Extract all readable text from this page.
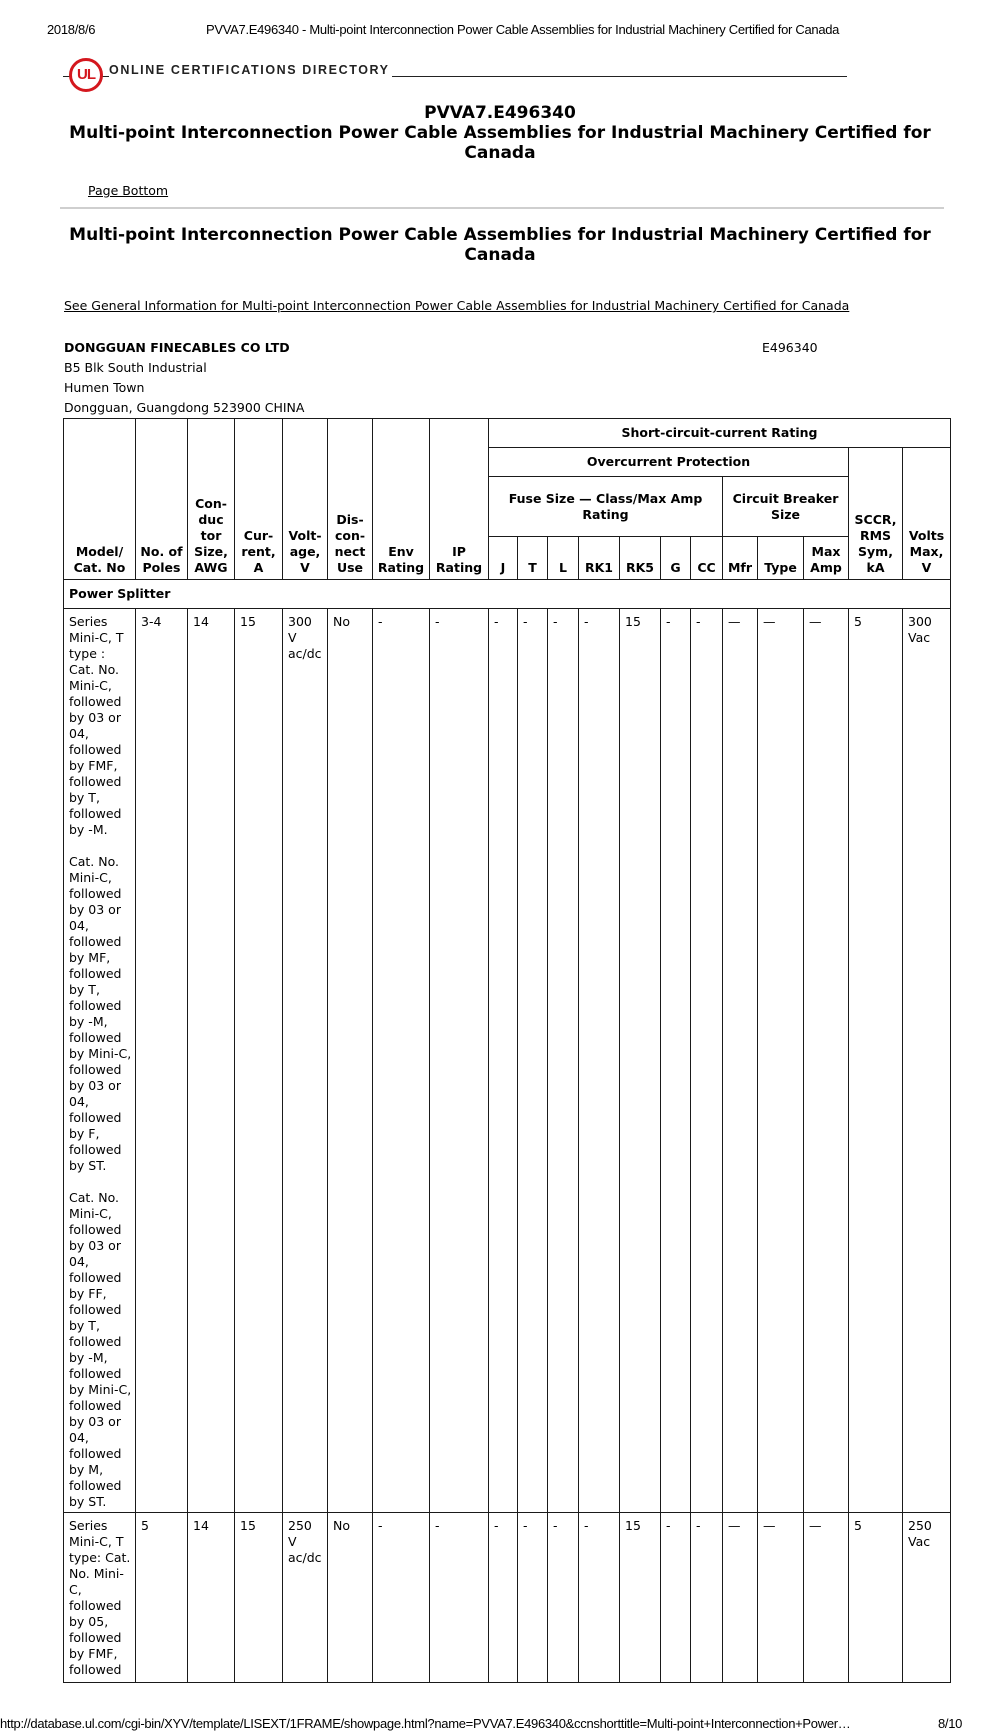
2018/8/6	PVVA7.E496340 - Multi-point Interconnection Power Cable Assemblies for Industrial Machinery Certified for Canada
UL	ONLINE CERTIFICATIONS DIRECTORY
PVVA7.E496340
Multi-point Interconnection Power Cable Assemblies for Industrial Machinery Certified for Canada
Page Bottom
Multi-point Interconnection Power Cable Assemblies for Industrial Machinery Certified for Canada
See General Information for Multi-point Interconnection Power Cable Assemblies for Industrial Machinery Certified for Canada
DONGGUAN FINECABLES CO LTD
B5 Blk South Industrial
Humen Town
Dongguan, Guangdong 523900 CHINA
E496340
Model/ Cat. No	No. of Poles	Con-duc tor Size, AWG	Cur-rent, A	Volt-age, V	Dis-con-nect Use	Env Rating	IP Rating	Short-circuit-current Rating											
								Overcurrent Protection										SCCR, RMS Sym, kA	Volts Max, V
								Fuse Size — Class/Max Amp Rating							Circuit Breaker Size				
								J	T	L	RK1	RK5	G	CC	Mfr	Type	Max Amp		
Power Splitter																			

Series Mini-C, T type : Cat. No. Mini-C, followed by 03 or 04, followed by FMF, followed by T, followed by -M.
Cat. No. Mini-C, followed by 03 or 04, followed by MF, followed by T, followed by -M, followed by Mini-C, followed by 03 or 04, followed by F, followed by ST.
Cat. No. Mini-C, followed by 03 or 04, followed by FF, followed by T, followed by -M, followed by Mini-C, followed by 03 or 04, followed by M, followed by ST.	3-4	14	15	300 V ac/dc	No	-	-	-	-	-	-	15	-	-	—	—	—	5	300 Vac

Series Mini-C, T type: Cat. No. Mini-C, followed by 05, followed by FMF, followed	5	14	15	250 V ac/dc	No	-	-	-	-	-	-	15	-	-	—	—	—	5	250 Vac
http://database.ul.com/cgi-bin/XYV/template/LISEXT/1FRAME/showpage.html?name=PVVA7.E496340&ccnshorttitle=Multi-point+Interconnection+Power…	8/10
